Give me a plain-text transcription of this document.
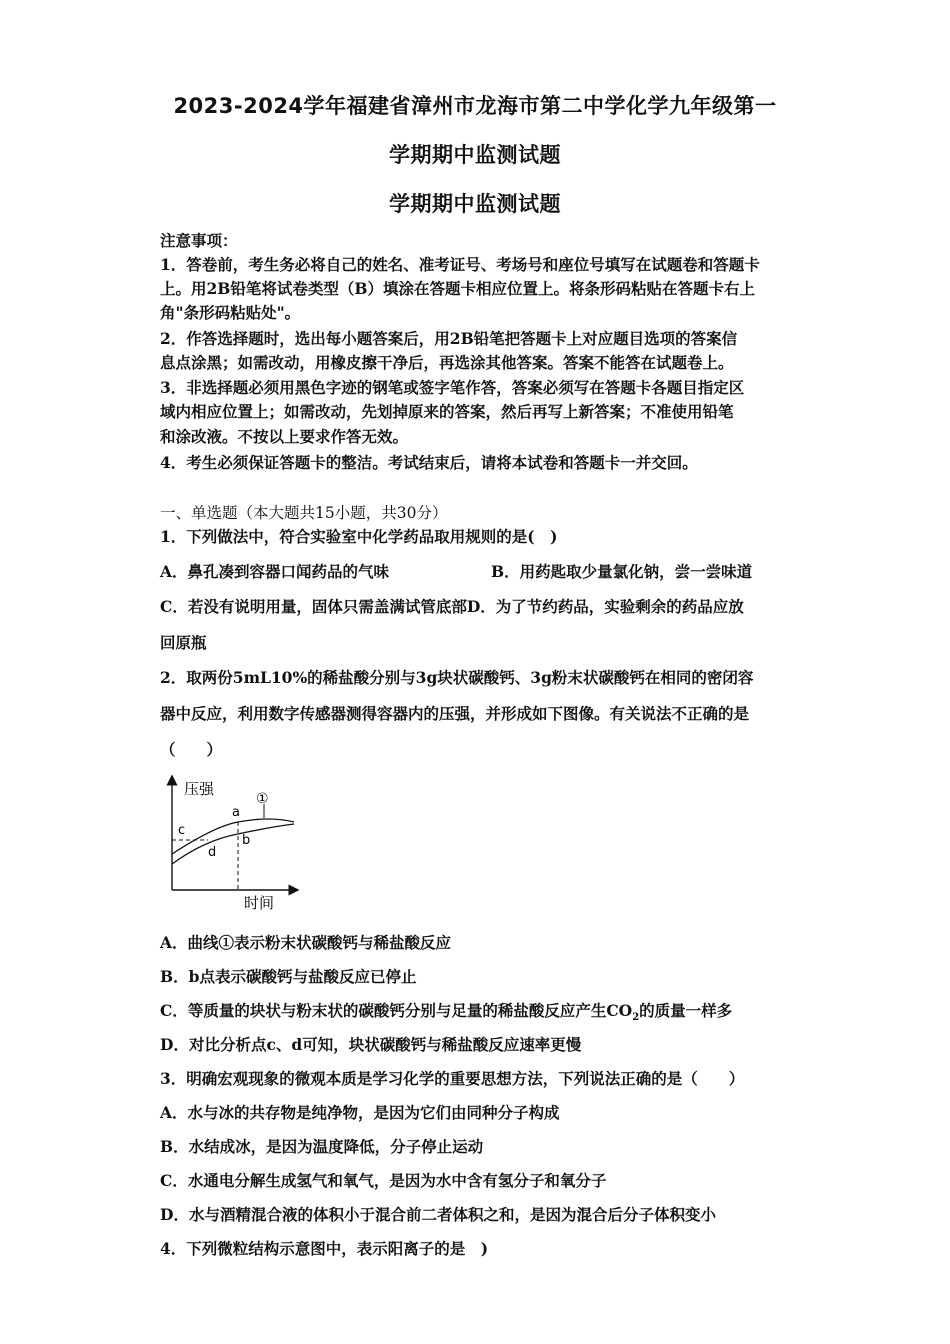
2023-2024学年福建省漳州市龙海市第二中学化学九年级第一
学期期中监测试题
学期期中监测试题
注意事项：
1．答卷前，考生务必将自己的姓名、准考证号、考场号和座位号填写在试题卷和答题卡
上。用2B铅笔将试卷类型（B）填涂在答题卡相应位置上。将条形码粘贴在答题卡右上
角"条形码粘贴处"。
2．作答选择题时，选出每小题答案后，用2B铅笔把答题卡上对应题目选项的答案信
息点涂黑；如需改动，用橡皮擦干净后，再选涂其他答案。答案不能答在试题卷上。
3．非选择题必须用黑色字迹的钢笔或签字笔作答，答案必须写在答题卡各题目指定区
域内相应位置上；如需改动，先划掉原来的答案，然后再写上新答案；不准使用铅笔
和涂改液。不按以上要求作答无效。
4．考生必须保证答题卡的整洁。考试结束后，请将本试卷和答题卡一并交回。
一、单选题（本大题共15小题，共30分）
1．下列做法中，符合实验室中化学药品取用规则的是(　)
A．鼻孔凑到容器口闻药品的气味	B．用药匙取少量氯化钠，尝一尝味道
C．若没有说明用量，固体只需盖满试管底部D．为了节约药品，实验剩余的药品应放
回原瓶
2．取两份5mL10%的稀盐酸分别与3g块状碳酸钙、3g粉末状碳酸钙在相同的密闭容
器中反应，利用数字传感器测得容器内的压强，并形成如下图像。有关说法不正确的是
（　　）
压强
时间
①
a
b
c
d
A．曲线①表示粉末状碳酸钙与稀盐酸反应
B．b点表示碳酸钙与盐酸反应已停止
C．等质量的块状与粉末状的碳酸钙分别与足量的稀盐酸反应产生$CO_2$的质量一样多
D．对比分析点c、d可知，块状碳酸钙与稀盐酸反应速率更慢
3．明确宏观现象的微观本质是学习化学的重要思想方法，下列说法正确的是（　　）
A．水与冰的共存物是纯净物，是因为它们由同种分子构成
B．水结成冰，是因为温度降低，分子停止运动
C．水通电分解生成氢气和氧气，是因为水中含有氢分子和氧分子
D．水与酒精混合液的体积小于混合前二者体积之和，是因为混合后分子体积变小
4．下列微粒结构示意图中，表示阳离子的是　)
